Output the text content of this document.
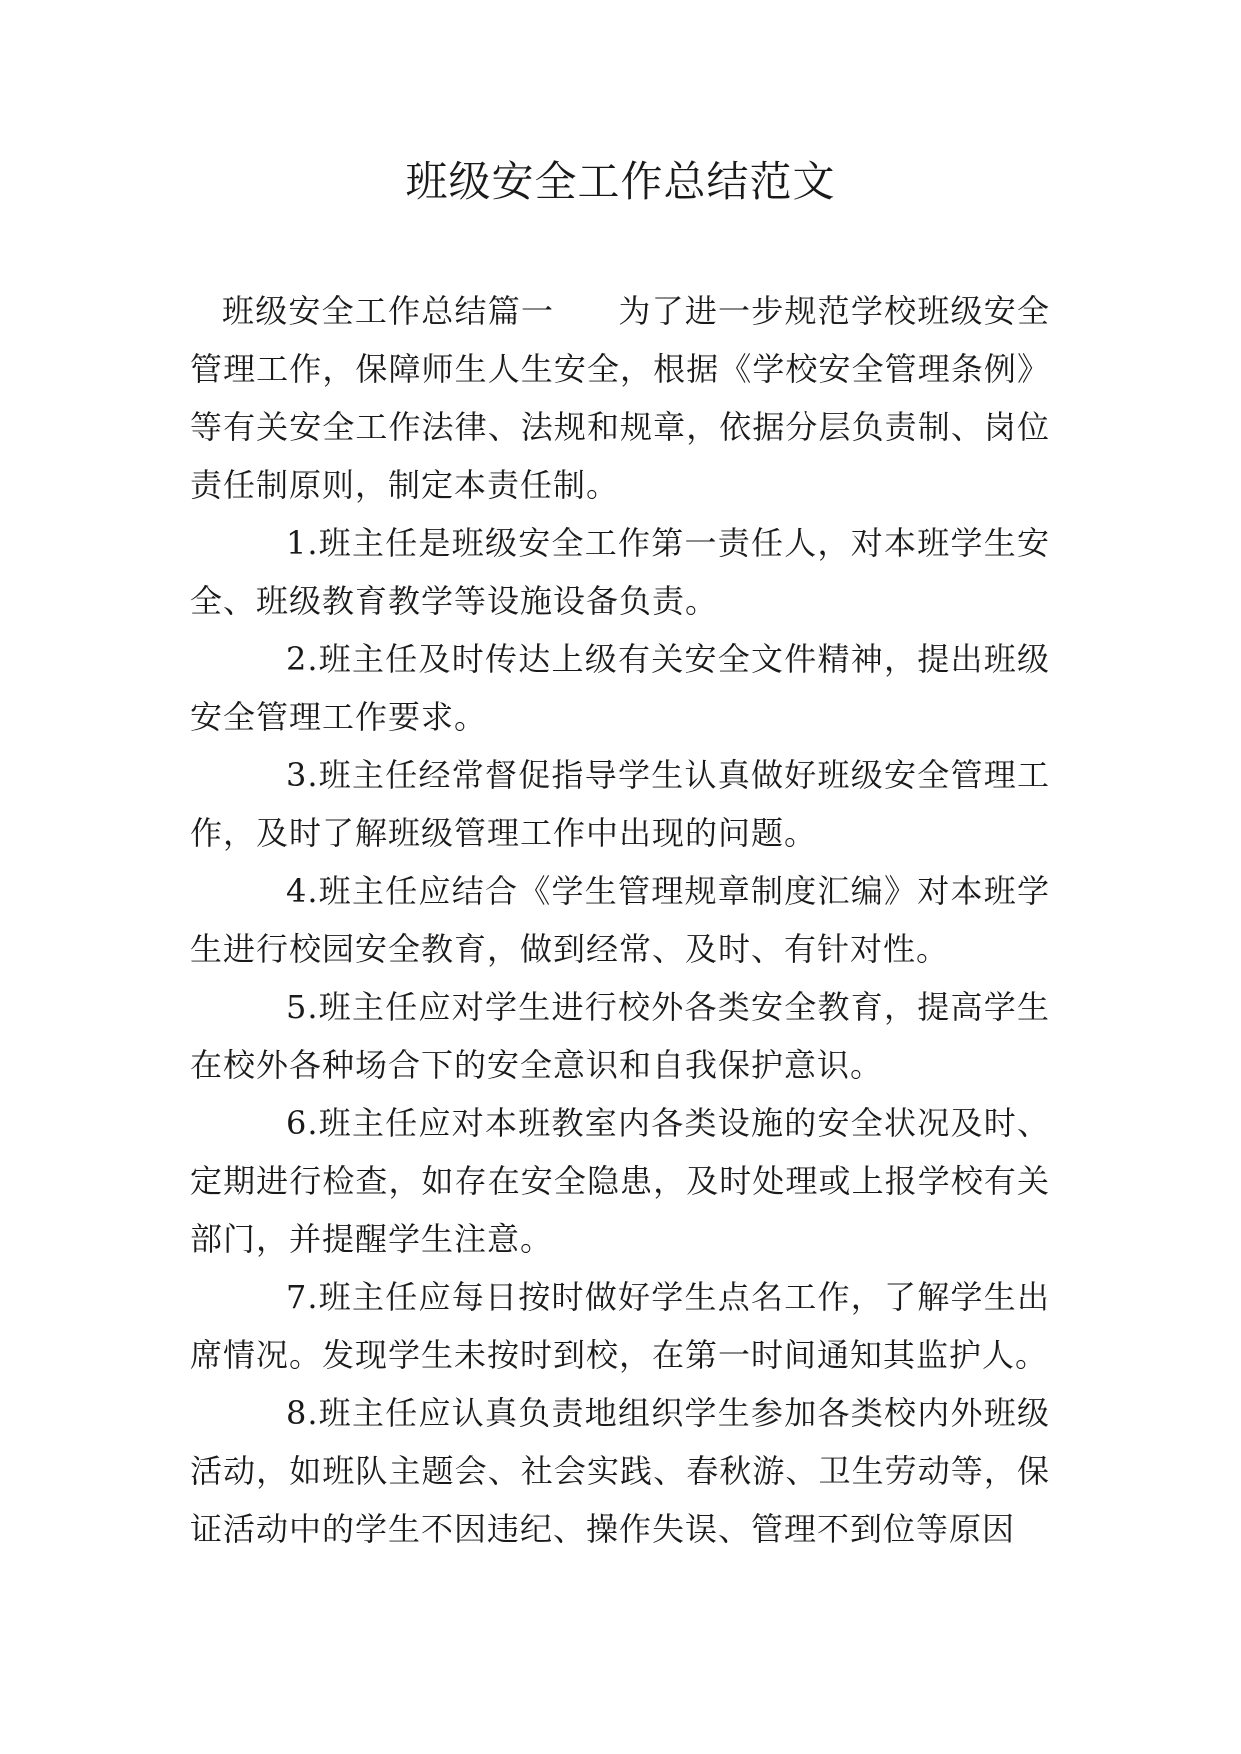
班级安全工作总结范文

班级安全工作总结篇一 为了进一步规范学校班级安全管理工作，保障师生人生安全，根据《学校安全管理条例》等有关安全工作法律、法规和规章，依据分层负责制、岗位责任制原则，制定本责任制。

1.班主任是班级安全工作第一责任人，对本班学生安全、班级教育教学等设施设备负责。

2.班主任及时传达上级有关安全文件精神，提出班级安全管理工作要求。

3.班主任经常督促指导学生认真做好班级安全管理工作，及时了解班级管理工作中出现的问题。

4.班主任应结合《学生管理规章制度汇编》对本班学生进行校园安全教育，做到经常、及时、有针对性。

5.班主任应对学生进行校外各类安全教育，提高学生在校外各种场合下的安全意识和自我保护意识。

6.班主任应对本班教室内各类设施的安全状况及时、定期进行检查，如存在安全隐患，及时处理或上报学校有关部门，并提醒学生注意。

7.班主任应每日按时做好学生点名工作，了解学生出席情况。发现学生未按时到校，在第一时间通知其监护人。

8.班主任应认真负责地组织学生参加各类校内外班级活动，如班队主题会、社会实践、春秋游、卫生劳动等，保证活动中的学生不因违纪、操作失误、管理不到位等原因
